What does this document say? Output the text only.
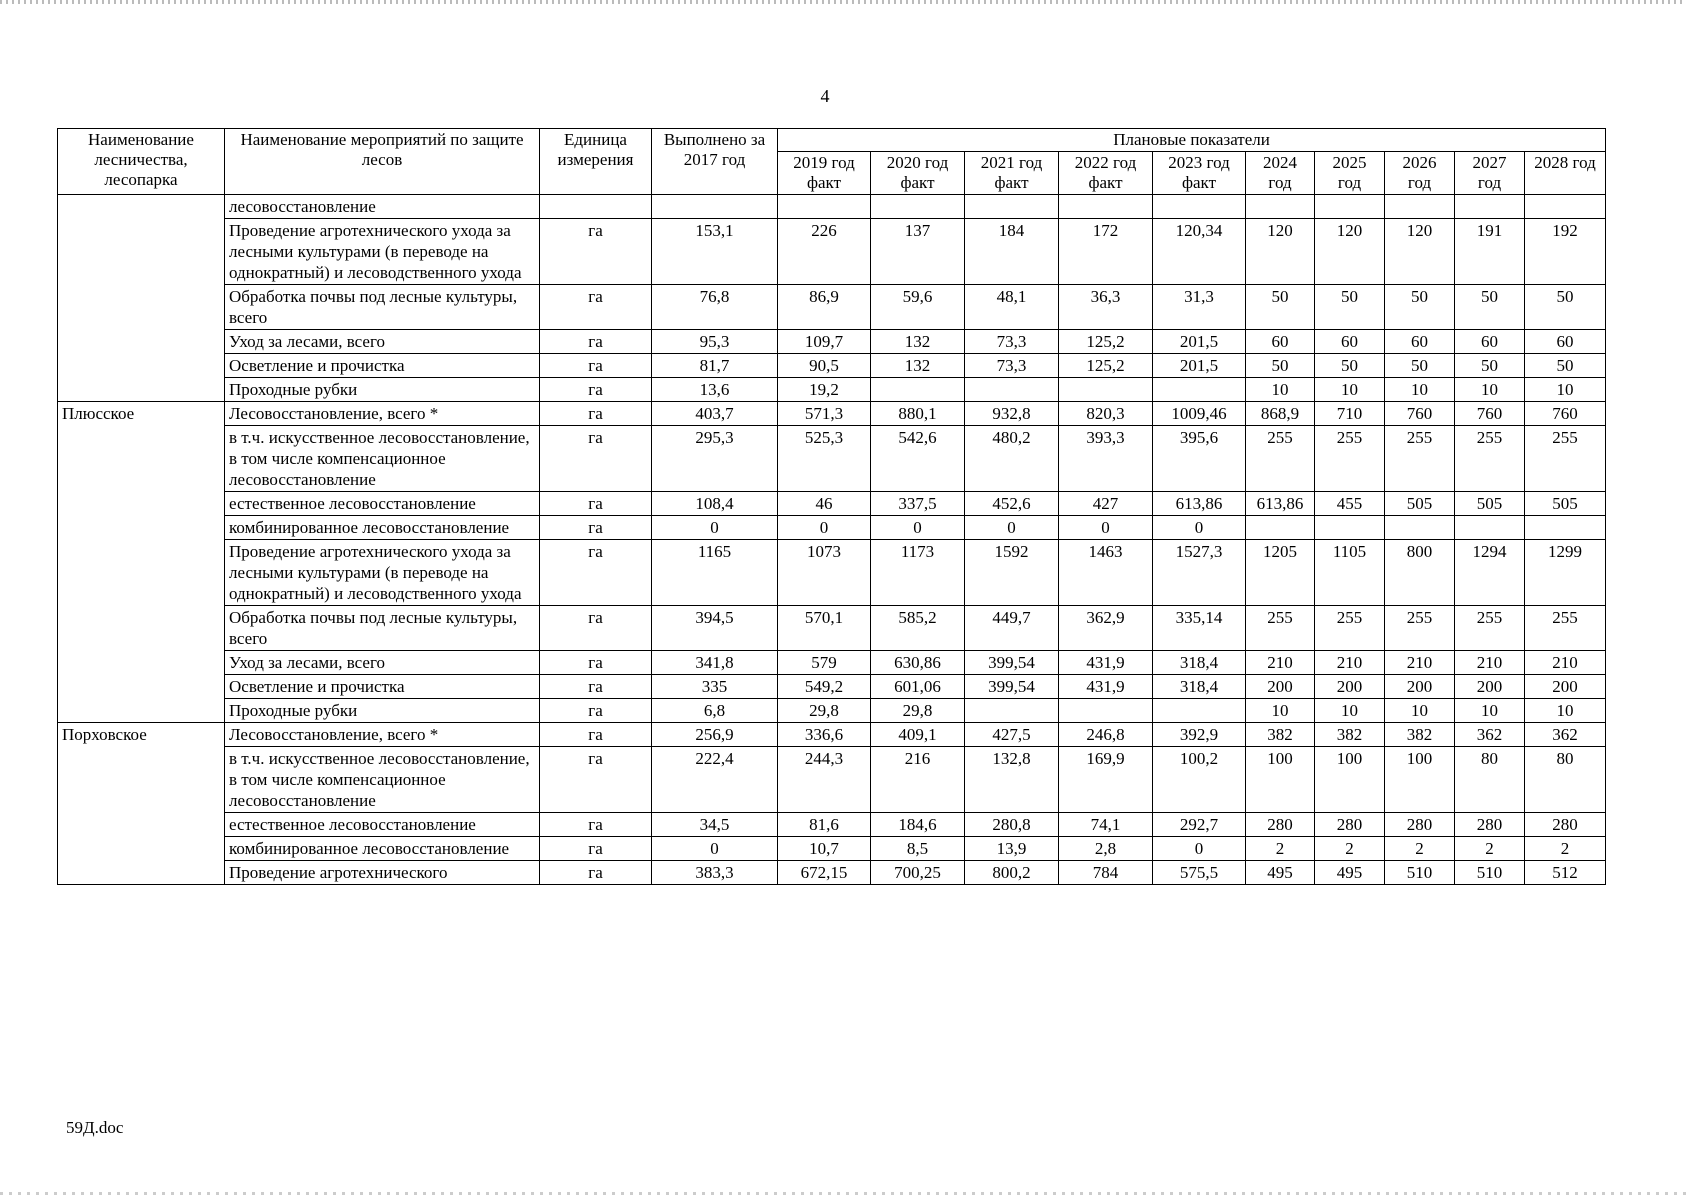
4
Наименование лесничества, лесопарка	Наименование мероприятий по защите лесов	Единица измерения	Выполнено за 2017 год	Плановые показатели									
				2019 год факт	2020 год факт	2021 год факт	2022 год факт	2023 год факт	2024 год	2025 год	2026 год	2027 год	2028 год
	лесовосстановление												
	Проведение агротехнического ухода за лесными культурами (в переводе на однократный) и лесоводственного ухода	га	153,1	226	137	184	172	120,34	120	120	120	191	192
	Обработка почвы под лесные культуры, всего	га	76,8	86,9	59,6	48,1	36,3	31,3	50	50	50	50	50
	Уход за лесами, всего	га	95,3	109,7	132	73,3	125,2	201,5	60	60	60	60	60
	Осветление и прочистка	га	81,7	90,5	132	73,3	125,2	201,5	50	50	50	50	50
	Проходные рубки	га	13,6	19,2					10	10	10	10	10
Плюсское	Лесовосстановление, всего *	га	403,7	571,3	880,1	932,8	820,3	1009,46	868,9	710	760	760	760
	в т.ч. искусственное лесовосстановление, в том числе компенсационное лесовосстановление	га	295,3	525,3	542,6	480,2	393,3	395,6	255	255	255	255	255
	естественное лесовосстановление	га	108,4	46	337,5	452,6	427	613,86	613,86	455	505	505	505
	комбинированное лесовосстановление	га	0	0	0	0	0	0					
	Проведение агротехнического ухода за лесными культурами (в переводе на однократный) и лесоводственного ухода	га	1165	1073	1173	1592	1463	1527,3	1205	1105	800	1294	1299
	Обработка почвы под лесные культуры, всего	га	394,5	570,1	585,2	449,7	362,9	335,14	255	255	255	255	255
	Уход за лесами, всего	га	341,8	579	630,86	399,54	431,9	318,4	210	210	210	210	210
	Осветление и прочистка	га	335	549,2	601,06	399,54	431,9	318,4	200	200	200	200	200
	Проходные рубки	га	6,8	29,8	29,8				10	10	10	10	10
Порховское	Лесовосстановление, всего *	га	256,9	336,6	409,1	427,5	246,8	392,9	382	382	382	362	362
	в т.ч. искусственное лесовосстановление, в том числе компенсационное лесовосстановление	га	222,4	244,3	216	132,8	169,9	100,2	100	100	100	80	80
	естественное лесовосстановление	га	34,5	81,6	184,6	280,8	74,1	292,7	280	280	280	280	280
	комбинированное лесовосстановление	га	0	10,7	8,5	13,9	2,8	0	2	2	2	2	2
	Проведение агротехнического	га	383,3	672,15	700,25	800,2	784	575,5	495	495	510	510	512
59Д.doc
